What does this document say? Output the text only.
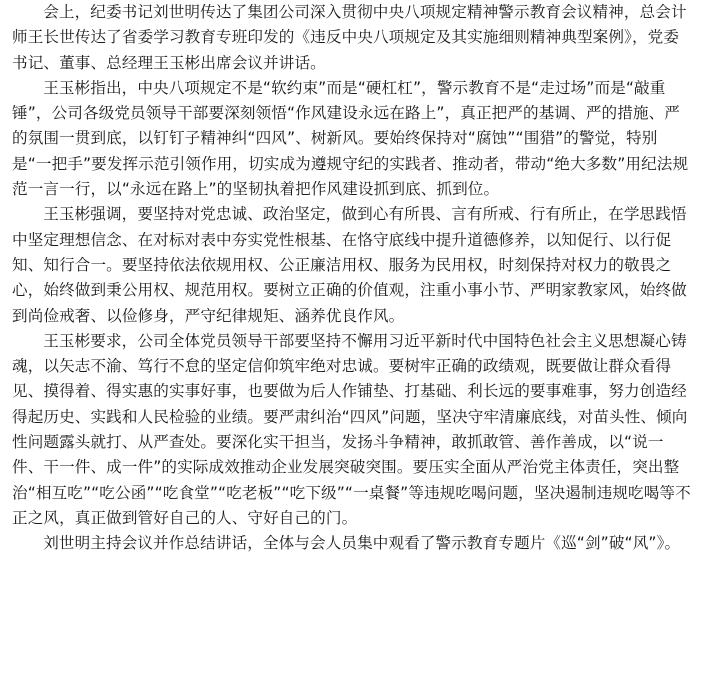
会上，纪委书记刘世明传达了集团公司深入贯彻中央八项规定精神警示教育会议精神，总会计师王长世传达了省委学习教育专班印发的《违反中央八项规定及其实施细则精神典型案例》，党委书记、董事、总经理王玉彬出席会议并讲话。

王玉彬指出，中央八项规定不是“软约束”而是“硬杠杠”，警示教育不是“走过场”而是“敲重锤”，公司各级党员领导干部要深刻领悟“作风建设永远在路上”，真正把严的基调、严的措施、严的氛围一贯到底，以钉钉子精神纠“四风”、树新风。要始终保持对“腐蚀”“围猎”的警觉，特别是“一把手”要发挥示范引领作用，切实成为遵规守纪的实践者、推动者，带动“绝大多数”用纪法规范一言一行，以“永远在路上”的坚韧执着把作风建设抓到底、抓到位。

王玉彬强调，要坚持对党忠诚、政治坚定，做到心有所畏、言有所戒、行有所止，在学思践悟中坚定理想信念、在对标对表中夯实党性根基、在恪守底线中提升道德修养，以知促行、以行促知、知行合一。要坚持依法依规用权、公正廉洁用权、服务为民用权，时刻保持对权力的敬畏之心，始终做到秉公用权、规范用权。要树立正确的价值观，注重小事小节、严明家教家风，始终做到尚俭戒奢、以俭修身，严守纪律规矩、涵养优良作风。

王玉彬要求，公司全体党员领导干部要坚持不懈用习近平新时代中国特色社会主义思想凝心铸魂，以矢志不渝、笃行不怠的坚定信仰筑牢绝对忠诚。要树牢正确的政绩观，既要做让群众看得见、摸得着、得实惠的实事好事，也要做为后人作铺垫、打基础、利长远的要事难事，努力创造经得起历史、实践和人民检验的业绩。要严肃纠治“四风”问题，坚决守牢清廉底线，对苗头性、倾向性问题露头就打、从严查处。要深化实干担当，发扬斗争精神，敢抓敢管、善作善成，以“说一件、干一件、成一件”的实际成效推动企业发展突破突围。要压实全面从严治党主体责任，突出整治“相互吃”“吃公函”“吃食堂”“吃老板”“吃下级”“一桌餐”等违规吃喝问题，坚决遏制违规吃喝等不正之风，真正做到管好自己的人、守好自己的门。

刘世明主持会议并作总结讲话，全体与会人员集中观看了警示教育专题片《巡“剑”破“风”》。
